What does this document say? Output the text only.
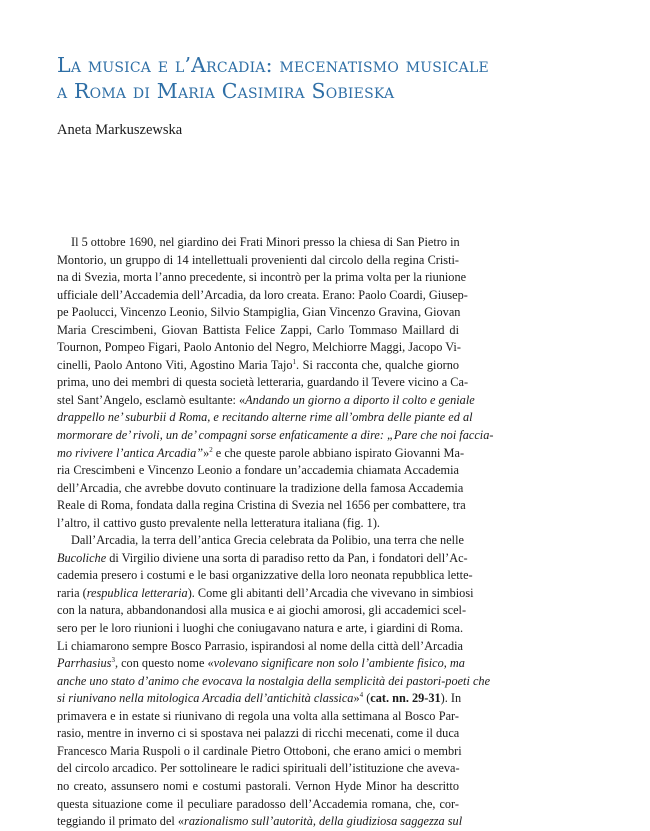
La musica e l’Arcadia: mecenatismo musicale
a Roma di Maria Casimira Sobieska
Aneta Markuszewska
Il 5 ottobre 1690, nel giardino dei Frati Minori presso la chiesa di San Pietro in
Montorio, un gruppo di 14 intellettuali provenienti dal circolo della regina Cristi-
na di Svezia, morta l’anno precedente, si incontrò per la prima volta per la riunione
ufficiale dell’Accademia dell’Arcadia, da loro creata. Erano: Paolo Coardi, Giusep-
pe Paolucci, Vincenzo Leonio, Silvio Stampiglia, Gian Vincenzo Gravina, Giovan
Maria Crescimbeni, Giovan Battista Felice Zappi, Carlo Tommaso Maillard di
Tournon, Pompeo Figari, Paolo Antonio del Negro, Melchiorre Maggi, Jacopo Vi-
cinelli, Paolo Antono Viti, Agostino Maria Tajo$^1$. Si racconta che, qualche giorno
prima, uno dei membri di questa società letteraria, guardando il Tevere vicino a Ca-
stel Sant’Angelo, esclamò esultante: «Andando un giorno a diporto il colto e geniale
drappello ne’ suburbii d Roma, e recitando alterne rime all’ombra delle piante ed al
mormorare de’ rivoli, un de’ compagni sorse enfaticamente a dire: „Pare che noi faccia-
mo rivivere l’antica Arcadia”»$^2$ e che queste parole abbiano ispirato Giovanni Ma-
ria Crescimbeni e Vincenzo Leonio a fondare un’accademia chiamata Accademia
dell’Arcadia, che avrebbe dovuto continuare la tradizione della famosa Accademia
Reale di Roma, fondata dalla regina Cristina di Svezia nel 1656 per combattere, tra
l’altro, il cattivo gusto prevalente nella letteratura italiana (fig. 1).
Dall’Arcadia, la terra dell’antica Grecia celebrata da Polibio, una terra che nelle
Bucoliche di Virgilio diviene una sorta di paradiso retto da Pan, i fondatori dell’Ac-
cademia presero i costumi e le basi organizzative della loro neonata repubblica lette-
raria (respublica letteraria). Come gli abitanti dell’Arcadia che vivevano in simbiosi
con la natura, abbandonandosi alla musica e ai giochi amorosi, gli accademici scel-
sero per le loro riunioni i luoghi che coniugavano natura e arte, i giardini di Roma.
Li chiamarono sempre Bosco Parrasio, ispirandosi al nome della città dell’Arcadia
Parrhasius$^3$, con questo nome «volevano significare non solo l’ambiente fisico, ma
anche uno stato d’animo che evocava la nostalgia della semplicità dei pastori-poeti che
si riunivano nella mitologica Arcadia dell’antichità classica»$^4$ (cat. nn. 29-31). In
primavera e in estate si riunivano di regola una volta alla settimana al Bosco Par-
rasio, mentre in inverno ci si spostava nei palazzi di ricchi mecenati, come il duca
Francesco Maria Ruspoli o il cardinale Pietro Ottoboni, che erano amici o membri
del circolo arcadico. Per sottolineare le radici spirituali dell’istituzione che aveva-
no creato, assunsero nomi e costumi pastorali. Vernon Hyde Minor ha descritto
questa situazione come il peculiare paradosso dell’Accademia romana, che, cor-
teggiando il primato del «razionalismo sull’autorità, della giudiziosa saggezza sul
